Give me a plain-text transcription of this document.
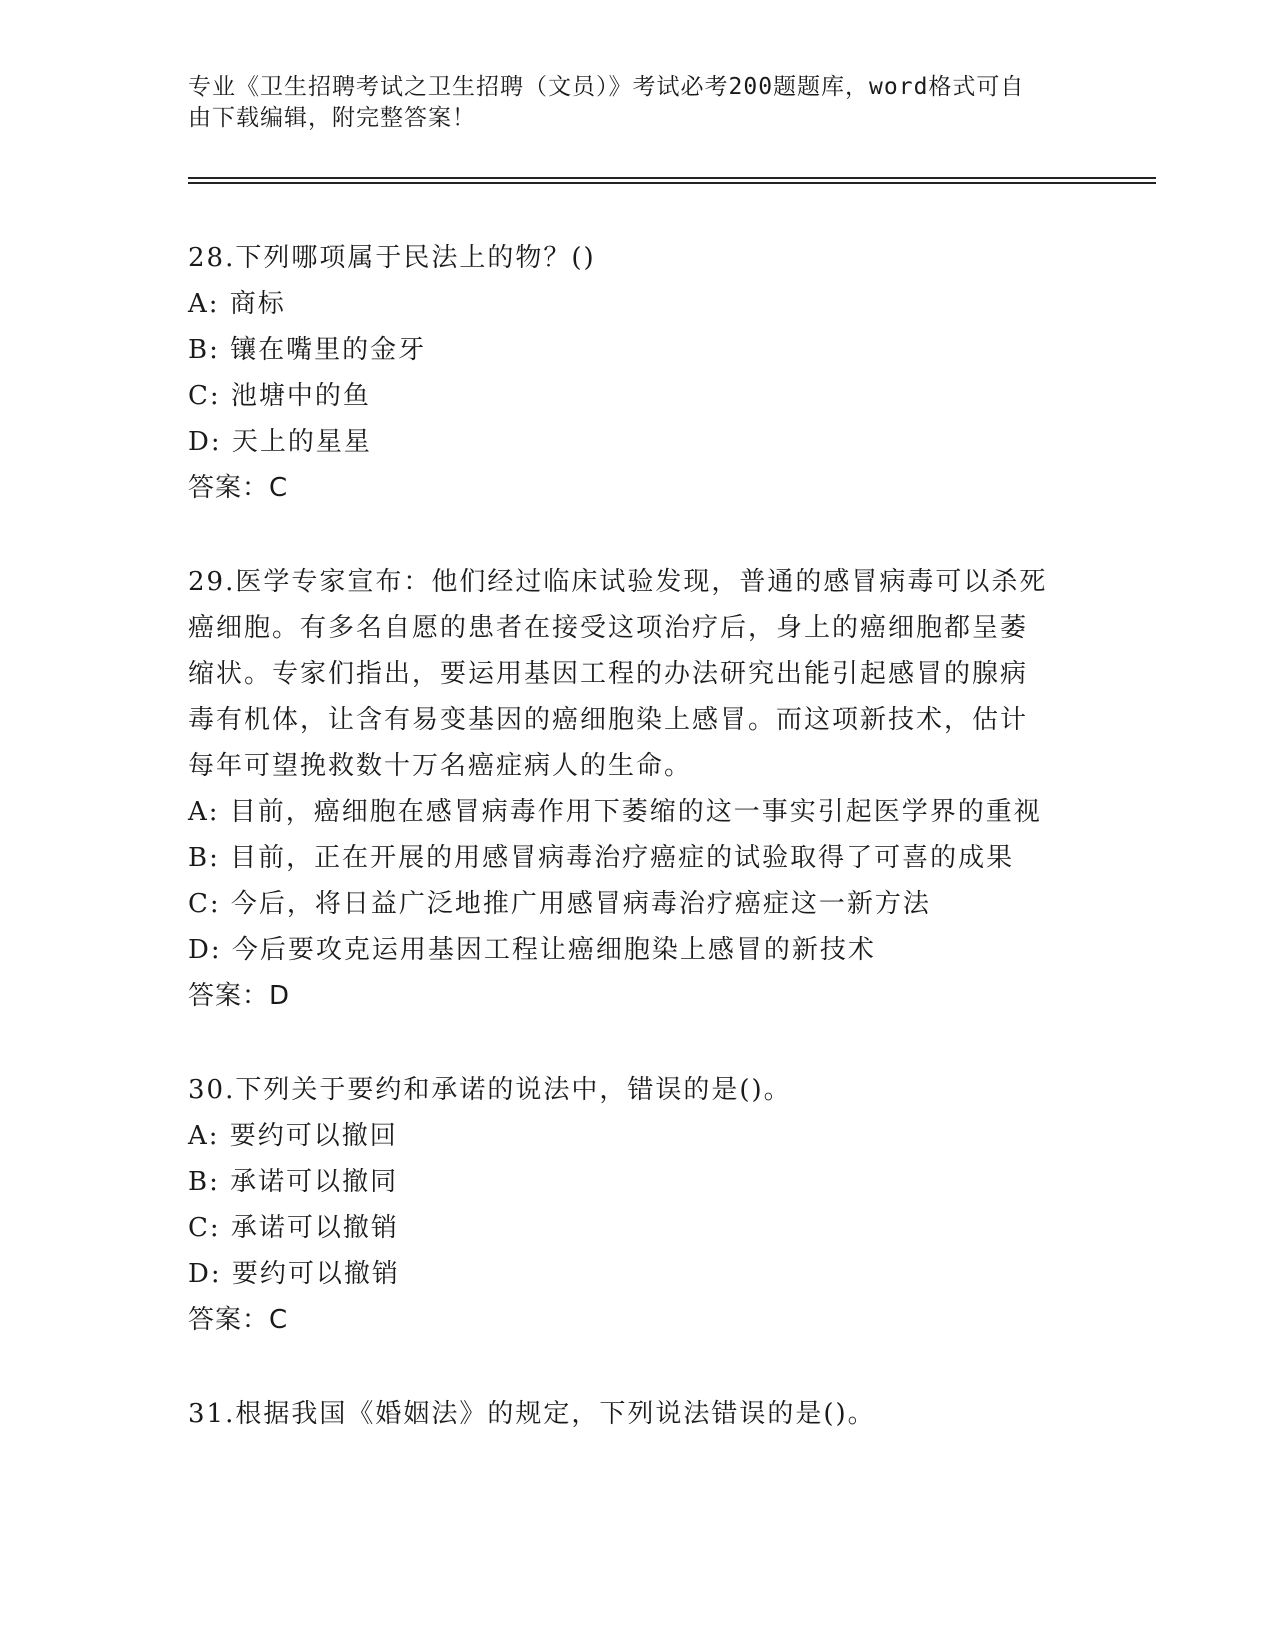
专业《卫生招聘考试之卫生招聘（文员）》考试必考200题题库，word格式可自
由下载编辑，附完整答案！
28.下列哪项属于民法上的物？()
A: 商标
B: 镶在嘴里的金牙
C: 池塘中的鱼
D: 天上的星星
答案：C
29.医学专家宣布：他们经过临床试验发现，普通的感冒病毒可以杀死
癌细胞。有多名自愿的患者在接受这项治疗后，身上的癌细胞都呈萎
缩状。专家们指出，要运用基因工程的办法研究出能引起感冒的腺病
毒有机体，让含有易变基因的癌细胞染上感冒。而这项新技术，估计
每年可望挽救数十万名癌症病人的生命。
A: 目前，癌细胞在感冒病毒作用下萎缩的这一事实引起医学界的重视
B: 目前，正在开展的用感冒病毒治疗癌症的试验取得了可喜的成果
C: 今后，将日益广泛地推广用感冒病毒治疗癌症这一新方法
D: 今后要攻克运用基因工程让癌细胞染上感冒的新技术
答案：D
30.下列关于要约和承诺的说法中，错误的是()。
A: 要约可以撤回
B: 承诺可以撤同
C: 承诺可以撤销
D: 要约可以撤销
答案：C
31.根据我国《婚姻法》的规定，下列说法错误的是()。
